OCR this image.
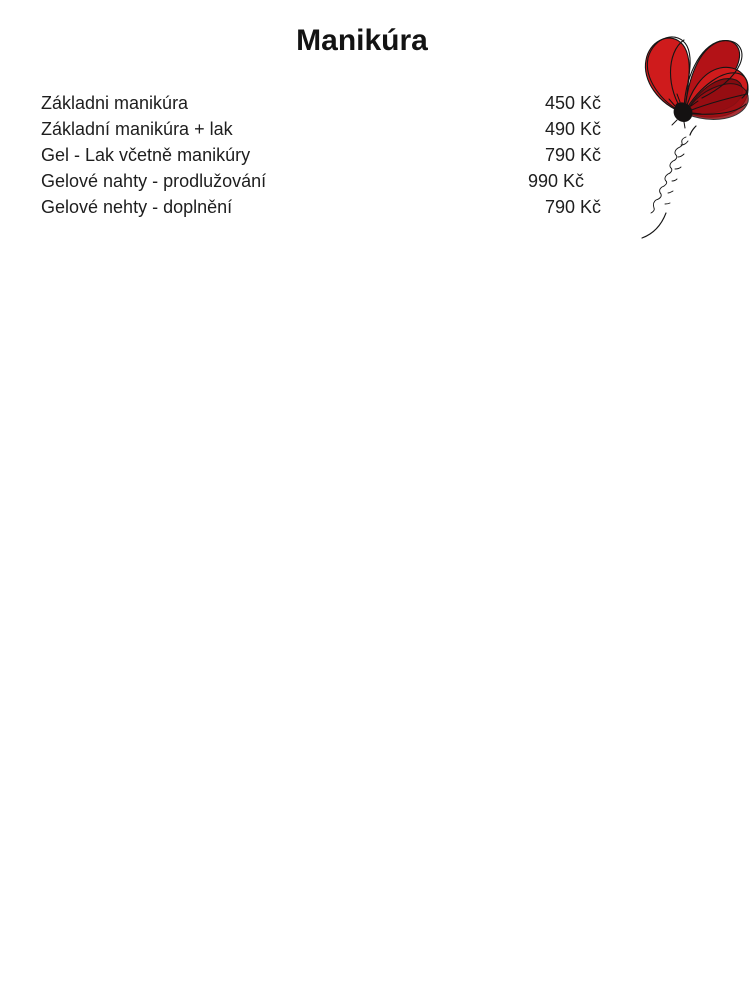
Manikúra
Základni manikúra	450 Kč
Základní manikúra + lak	490 Kč
Gel - Lak včetně manikúry	790 Kč
Gelové nahty - prodlužování	990 Kč
Gelové nehty - doplnění	790 Kč
